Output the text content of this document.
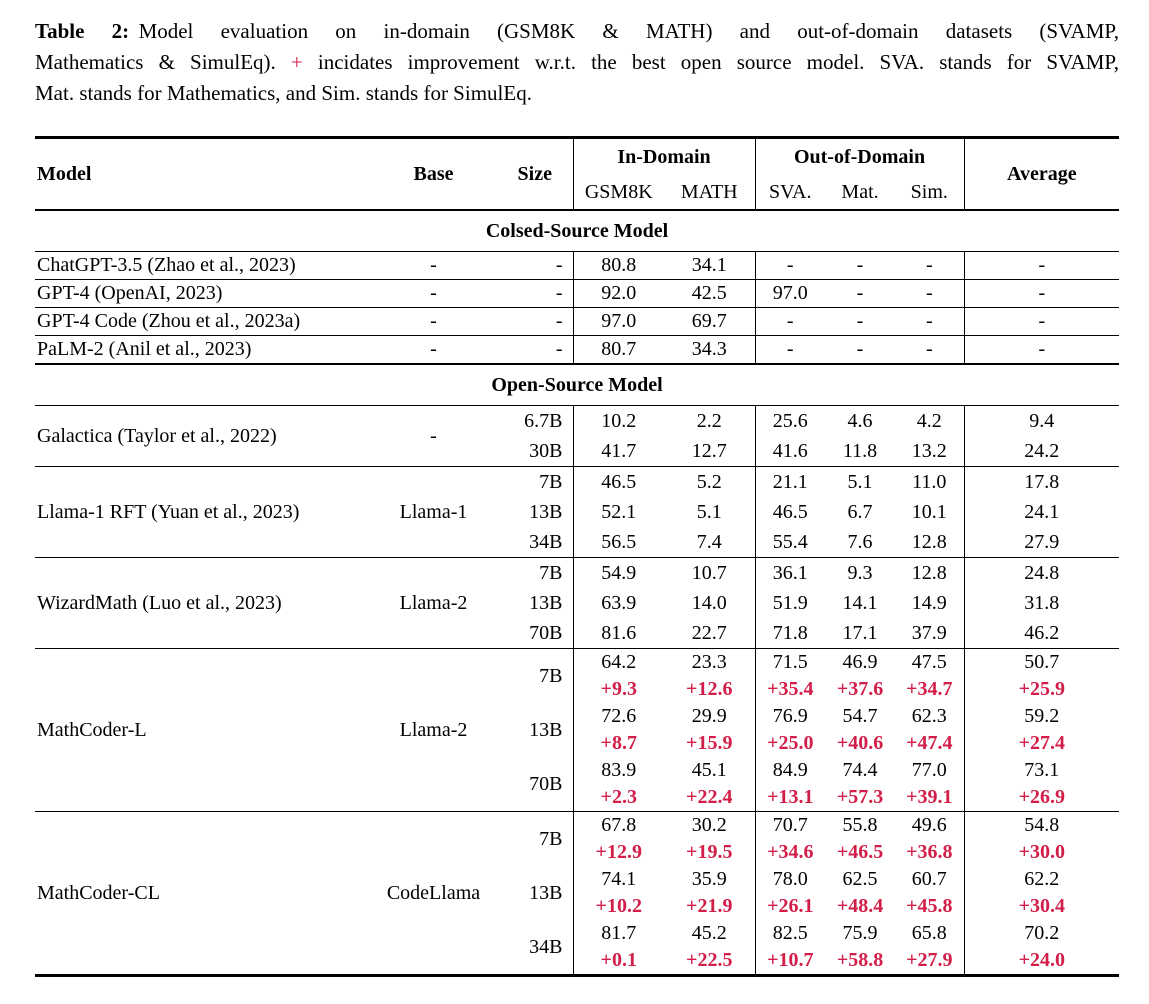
Table 2: Model evaluation on in-domain (GSM8K & MATH) and out-of-domain datasets (SVAMP,

Mathematics & SimulEq). + incidates improvement w.r.t. the best open source model. SVA. stands for SVAMP,

Mat. stands for Mathematics, and Sim. stands for SimulEq.

Model	Base	Size	In-Domain		Out-of-Domain			Average
			GSM8K	MATH	SVA.	Mat.	Sim.	
Colsed-Source Model								
ChatGPT-3.5 (Zhao et al., 2023)	-	-	80.8	34.1	-	-	-	-
GPT-4 (OpenAI, 2023)	-	-	92.0	42.5	97.0	-	-	-
GPT-4 Code (Zhou et al., 2023a)	-	-	97.0	69.7	-	-	-	-
PaLM-2 (Anil et al., 2023)	-	-	80.7	34.3	-	-	-	-
Open-Source Model								
Galactica (Taylor et al., 2022)	-	6.7B	10.2	2.2	25.6	4.6	4.2	9.4
		30B	41.7	12.7	41.6	11.8	13.2	24.2
Llama-1 RFT (Yuan et al., 2023)	Llama-1	7B	46.5	5.2	21.1	5.1	11.0	17.8
		13B	52.1	5.1	46.5	6.7	10.1	24.1
		34B	56.5	7.4	55.4	7.6	12.8	27.9
WizardMath (Luo et al., 2023)	Llama-2	7B	54.9	10.7	36.1	9.3	12.8	24.8
		13B	63.9	14.0	51.9	14.1	14.9	31.8
		70B	81.6	22.7	71.8	17.1	37.9	46.2
MathCoder-L	Llama-2	7B	64.2	23.3	71.5	46.9	47.5	50.7
			+9.3	+12.6	+35.4	+37.6	+34.7	+25.9
		13B	72.6	29.9	76.9	54.7	62.3	59.2
			+8.7	+15.9	+25.0	+40.6	+47.4	+27.4
		70B	83.9	45.1	84.9	74.4	77.0	73.1
			+2.3	+22.4	+13.1	+57.3	+39.1	+26.9
MathCoder-CL	CodeLlama	7B	67.8	30.2	70.7	55.8	49.6	54.8
			+12.9	+19.5	+34.6	+46.5	+36.8	+30.0
		13B	74.1	35.9	78.0	62.5	60.7	62.2
			+10.2	+21.9	+26.1	+48.4	+45.8	+30.4
		34B	81.7	45.2	82.5	75.9	65.8	70.2
			+0.1	+22.5	+10.7	+58.8	+27.9	+24.0
